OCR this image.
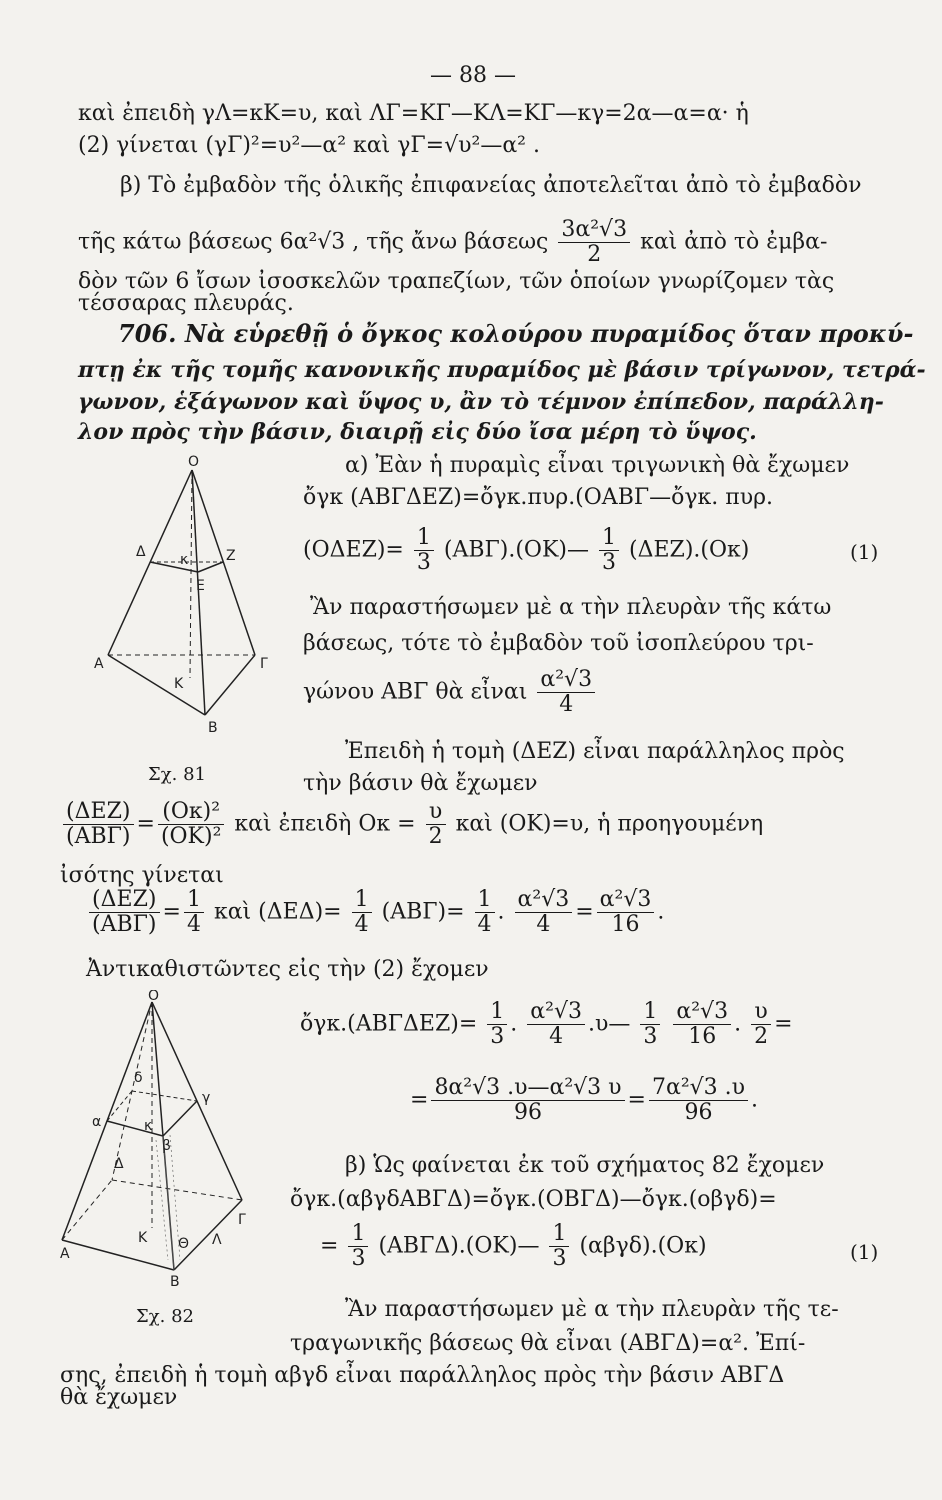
— 88 —
καὶ ἐπειδὴ γΛ=κΚ=υ, καὶ ΛΓ=ΚΓ—ΚΛ=ΚΓ—κγ=2α—α=α· ἡ
(2) γίνεται (γΓ)²=υ²—α² καὶ γΓ=√υ²—α² .
β) Τὸ ἐμβαδὸν τῆς ὁλικῆς ἐπιφανείας ἀποτελεῖται ἀπὸ τὸ ἐμβαδὸν
τῆς κάτω βάσεως 6α²√3 , τῆς ἄνω βάσεως $\frac{\text{3α²√3}}{2}$ καὶ ἀπὸ τὸ ἐμβα-
δὸν τῶν 6 ἴσων ἰσοσκελῶν τραπεζίων, τῶν ὁποίων γνωρίζομεν τὰς
τέσσαρας πλευράς.
706. Νὰ εὑρεθῇ ὁ ὄγκος κολούρου πυραμίδος ὅταν προκύ-
πτῃ ἐκ τῆς τομῆς κανονικῆς πυραμίδος μὲ βάσιν τρίγωνον, τετρά-
γωνον, ἑξάγωνον καὶ ὕψος υ, ἂν τὸ τέμνον ἐπίπεδον, παράλλη-
λον πρὸς τὴν βάσιν, διαιρῇ εἰς δύο ἴσα μέρη τὸ ὕψος.
Ο
Δ	Ζ
Ε
Α	Γ
Κ
Β
κ
Σχ. 81
α) Ἐὰν ἡ πυραμὶς εἶναι τριγωνικὴ θὰ ἔχωμεν
ὄγκ (ΑΒΓΔΕΖ)=ὄγκ.πυρ.(ΟΑΒΓ—ὄγκ. πυρ.
$(O\Delta EZ)= \frac{1}{3}$ (ΑΒΓ).(ΟΚ)— $\frac{1}{3} (\Delta EZ).(O\kappa)$	(1)
Ἂν παραστήσωμεν μὲ α τὴν πλευρὰν τῆς κάτω
βάσεως, τότε τὸ ἐμβαδὸν τοῦ ἰσοπλεύρου τρι-
γώνου ΑΒΓ θὰ εἶναι $\frac{\text{α²√3}}{4}$
Ἐπειδὴ ἡ τομὴ (ΔΕΖ) εἶναι παράλληλος πρὸς
τὴν βάσιν θὰ ἔχωμεν
$\frac{\text{(ΔΕΖ)}}{\text{(ΑΒΓ)}} = \frac{\text{(Οκ)²}}{\text{(ΟΚ)²}}$ καὶ ἐπειδὴ $O\kappa = \frac{\upsilon}{2}$ καὶ (ΟΚ)=υ, ἡ προηγουμένη
ἰσότης γίνεται
$\frac{\text{(ΔΕΖ)}}{\text{(ΑΒΓ)}} = \frac{1}{4}$ καὶ $(\Delta E\Delta)= \frac{1}{4} (AB\Gamma)= \frac{1}{4}$ . $\frac{\text{α²√3}}{4} = \frac{\text{α²√3}}{16}$ .
Ἀντικαθιστῶντες εἰς τὴν (2) ἔχομεν
ὄγκ.(ΑΒΓΔΕΖ)= $\frac{1}{3}$ . $\frac{\text{α²√3}}{4}$ .υ— $\frac{1}{3}$
$\frac{\text{α²√3}}{16}$ . $\frac{\upsilon}{2}$ =
= $\frac{\text{8α²√3 .υ—α²√3 υ}}{96} = \frac{\text{7α²√3 .υ}}{96}$ .
Ο
δ
α
γ
β
κ
Δ
Γ
Α
Κ Θ Λ
Β
Σχ. 82
β) Ὡς φαίνεται ἐκ τοῦ σχήματος 82 ἔχομεν
ὄγκ.(αβγδΑΒΓΔ)=ὄγκ.(ΟΒΓΔ)—ὄγκ.(οβγδ)=
= $\frac{1}{3}$ (ΑΒΓΔ).(ΟΚ)— $\frac{1}{3} (\alpha\beta\gamma\delta).(O\kappa)$	(1)
Ἂν παραστήσωμεν μὲ α τὴν πλευρὰν τῆς τε-
τραγωνικῆς βάσεως θὰ εἶναι (ΑΒΓΔ)=α². Ἐπί-
σης, ἐπειδὴ ἡ τομὴ αβγδ εἶναι παράλληλος πρὸς τὴν βάσιν ΑΒΓΔ
θὰ ἔχωμεν
